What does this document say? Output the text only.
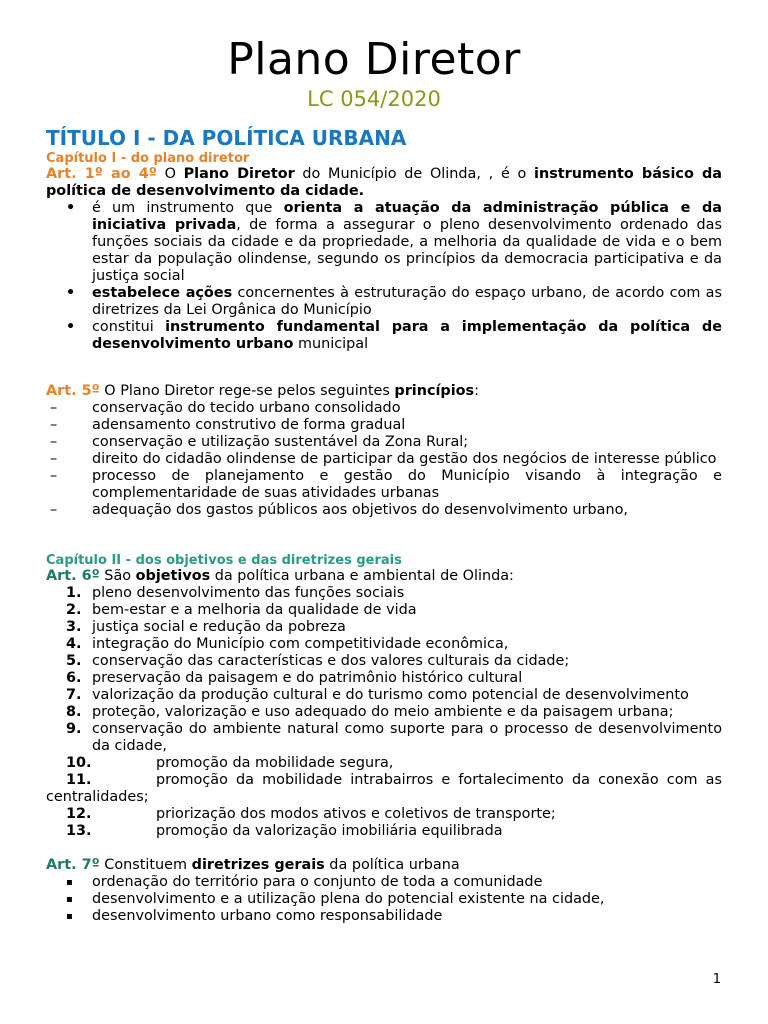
Plano Diretor
LC 054/2020

TÍTULO I - DA POLÍTICA URBANA

Capítulo I - do plano diretor

Art. 1º ao 4º O Plano Diretor do Município de Olinda, , é o instrumento básico da política de desenvolvimento da cidade.

• é um instrumento que orienta a atuação da administração pública e da iniciativa privada, de forma a assegurar o pleno desenvolvimento ordenado das funções sociais da cidade e da propriedade, a melhoria da qualidade de vida e o bem estar da população olindense, segundo os princípios da democracia participativa e da justiça social
• estabelece ações concernentes à estruturação do espaço urbano, de acordo com as diretrizes da Lei Orgânica do Município
• constitui instrumento fundamental para a implementação da política de desenvolvimento urbano municipal

Art. 5º O Plano Diretor rege-se pelos seguintes princípios:

– conservação do tecido urbano consolidado
– adensamento construtivo de forma gradual
– conservação e utilização sustentável da Zona Rural;
– direito do cidadão olindense de participar da gestão dos negócios de interesse público
– processo de planejamento e gestão do Município visando à integração e complementaridade de suas atividades urbanas
– adequação dos gastos públicos aos objetivos do desenvolvimento urbano,

Capítulo II - dos objetivos e das diretrizes gerais

Art. 6º São objetivos da política urbana e ambiental de Olinda:

1. pleno desenvolvimento das funções sociais
2. bem-estar e a melhoria da qualidade de vida
3. justiça social e redução da pobreza
4. integração do Município com competitividade econômica,
5. conservação das características e dos valores culturais da cidade;
6. preservação da paisagem e do patrimônio histórico cultural
7. valorização da produção cultural e do turismo como potencial de desenvolvimento
8. proteção, valorização e uso adequado do meio ambiente e da paisagem urbana;
9. conservação do ambiente natural como suporte para o processo de desenvolvimento da cidade,
10.	promoção da mobilidade segura,
11.	promoção da mobilidade intrabairros e fortalecimento da conexão com as centralidades;
12.	priorização dos modos ativos e coletivos de transporte;
13.	promoção da valorização imobiliária equilibrada

Art. 7º Constituem diretrizes gerais da política urbana

▪ ordenação do território para o conjunto de toda a comunidade
▪ desenvolvimento e a utilização plena do potencial existente na cidade,
▪ desenvolvimento urbano como responsabilidade
1
